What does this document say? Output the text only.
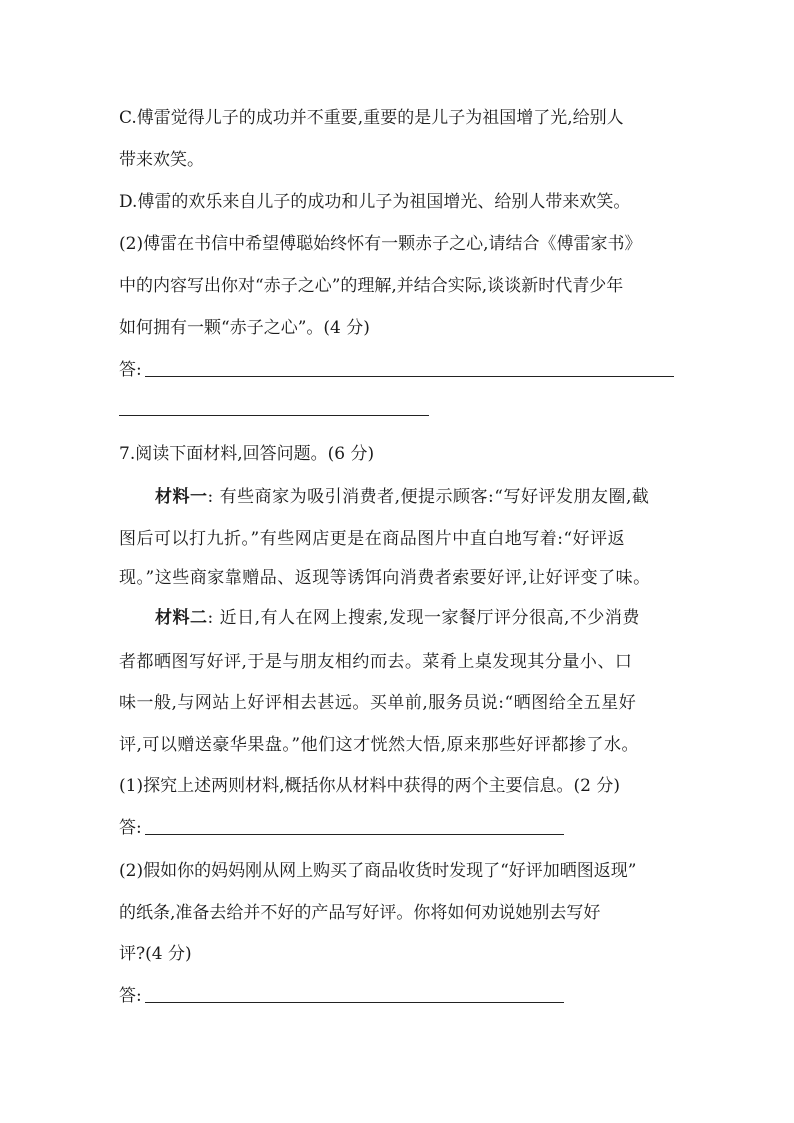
C.傅雷觉得儿子的成功并不重要,重要的是儿子为祖国增了光,给别人
带来欢笑。
D.傅雷的欢乐来自儿子的成功和儿子为祖国增光、给别人带来欢笑。
(2)傅雷在书信中希望傅聪始终怀有一颗赤子之心,请结合《傅雷家书》
中的内容写出你对“赤子之心”的理解,并结合实际,谈谈新时代青少年
如何拥有一颗“赤子之心”。(4 分)
答:
7.阅读下面材料,回答问题。(6 分)
材料一: 有些商家为吸引消费者,便提示顾客:“写好评发朋友圈,截
图后可以打九折。”有些网店更是在商品图片中直白地写着:“好评返
现。”这些商家靠赠品、返现等诱饵向消费者索要好评,让好评变了味。
材料二: 近日,有人在网上搜索,发现一家餐厅评分很高,不少消费
者都晒图写好评,于是与朋友相约而去。菜肴上桌发现其分量小、口
味一般,与网站上好评相去甚远。买单前,服务员说:“晒图给全五星好
评,可以赠送豪华果盘。”他们这才恍然大悟,原来那些好评都掺了水。
(1)探究上述两则材料,概括你从材料中获得的两个主要信息。(2 分)
答:
(2)假如你的妈妈刚从网上购买了商品收货时发现了“好评加晒图返现”
的纸条,准备去给并不好的产品写好评。你将如何劝说她别去写好
评?(4 分)
答:
